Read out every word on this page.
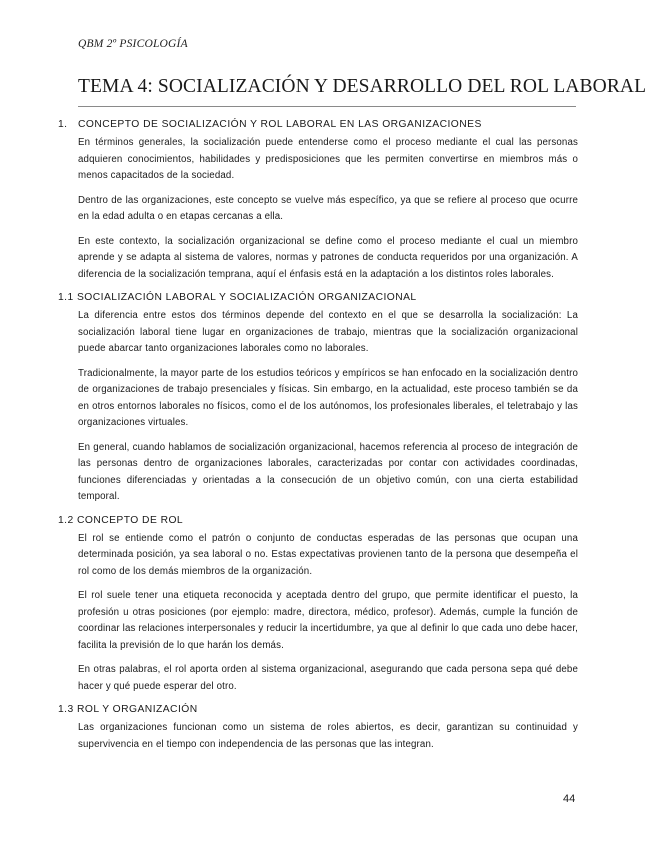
QBM 2º PSICOLOGÍA
TEMA 4: SOCIALIZACIÓN Y DESARROLLO DEL ROL LABORAL
1.	CONCEPTO DE SOCIALIZACIÓN Y ROL LABORAL EN LAS ORGANIZACIONES

En términos generales, la socialización puede entenderse como el proceso mediante el cual las personas adquieren conocimientos, habilidades y predisposiciones que les permiten convertirse en miembros más o menos capacitados de la sociedad.

Dentro de las organizaciones, este concepto se vuelve más específico, ya que se refiere al proceso que ocurre en la edad adulta o en etapas cercanas a ella.

En este contexto, la socialización organizacional se define como el proceso mediante el cual un miembro aprende y se adapta al sistema de valores, normas y patrones de conducta requeridos por una organización. A diferencia de la socialización temprana, aquí el énfasis está en la adaptación a los distintos roles laborales.

1.1 SOCIALIZACIÓN LABORAL Y SOCIALIZACIÓN ORGANIZACIONAL

La diferencia entre estos dos términos depende del contexto en el que se desarrolla la socialización: La socialización laboral tiene lugar en organizaciones de trabajo, mientras que la socialización organizacional puede abarcar tanto organizaciones laborales como no laborales.

Tradicionalmente, la mayor parte de los estudios teóricos y empíricos se han enfocado en la socialización dentro de organizaciones de trabajo presenciales y físicas. Sin embargo, en la actualidad, este proceso también se da en otros entornos laborales no físicos, como el de los autónomos, los profesionales liberales, el teletrabajo y las organizaciones virtuales.

En general, cuando hablamos de socialización organizacional, hacemos referencia al proceso de integración de las personas dentro de organizaciones laborales, caracterizadas por contar con actividades coordinadas, funciones diferenciadas y orientadas a la consecución de un objetivo común, con una cierta estabilidad temporal.

1.2 CONCEPTO DE ROL

El rol se entiende como el patrón o conjunto de conductas esperadas de las personas que ocupan una determinada posición, ya sea laboral o no. Estas expectativas provienen tanto de la persona que desempeña el rol como de los demás miembros de la organización.

El rol suele tener una etiqueta reconocida y aceptada dentro del grupo, que permite identificar el puesto, la profesión u otras posiciones (por ejemplo: madre, directora, médico, profesor). Además, cumple la función de coordinar las relaciones interpersonales y reducir la incertidumbre, ya que al definir lo que cada uno debe hacer, facilita la previsión de lo que harán los demás.

En otras palabras, el rol aporta orden al sistema organizacional, asegurando que cada persona sepa qué debe hacer y qué puede esperar del otro.

1.3 ROL Y ORGANIZACIÓN

Las organizaciones funcionan como un sistema de roles abiertos, es decir, garantizan su continuidad y supervivencia en el tiempo con independencia de las personas que las integran.

44
